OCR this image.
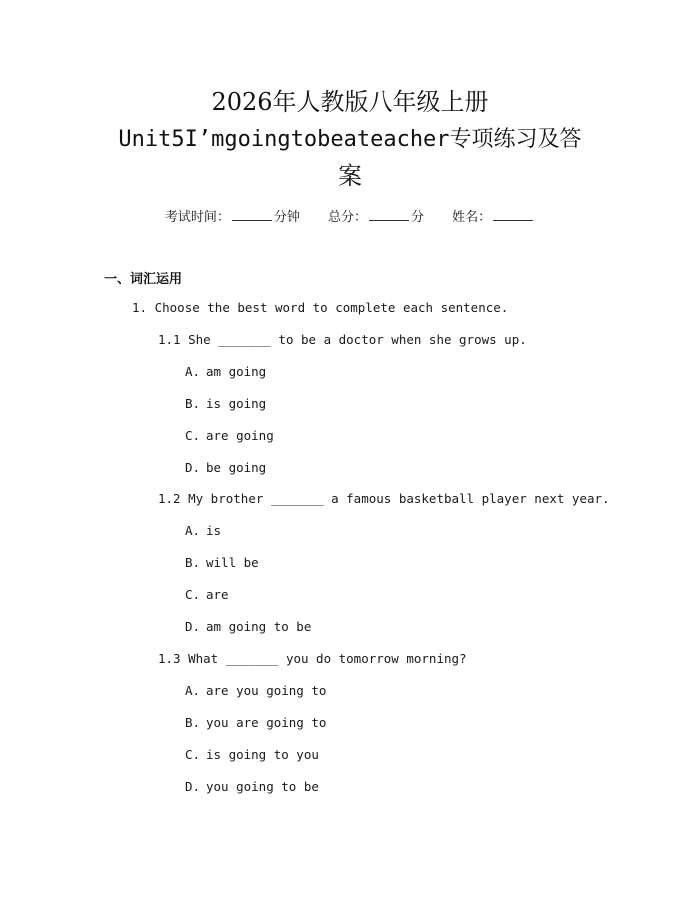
2026年人教版八年级上册
Unit5I’mgoingtobeateacher专项练习及答
案
考试时间：	分钟 总分：	分 姓名：
一、词汇运用
1. Choose the best word to complete each sentence.
1.1 She _______ to be a doctor when she grows up.
A. am going
B. is going
C. are going
D. be going
1.2 My brother _______ a famous basketball player next year.
A. is
B. will be
C. are
D. am going to be
1.3 What _______ you do tomorrow morning?
A. are you going to
B. you are going to
C. is going to you
D. you going to be
